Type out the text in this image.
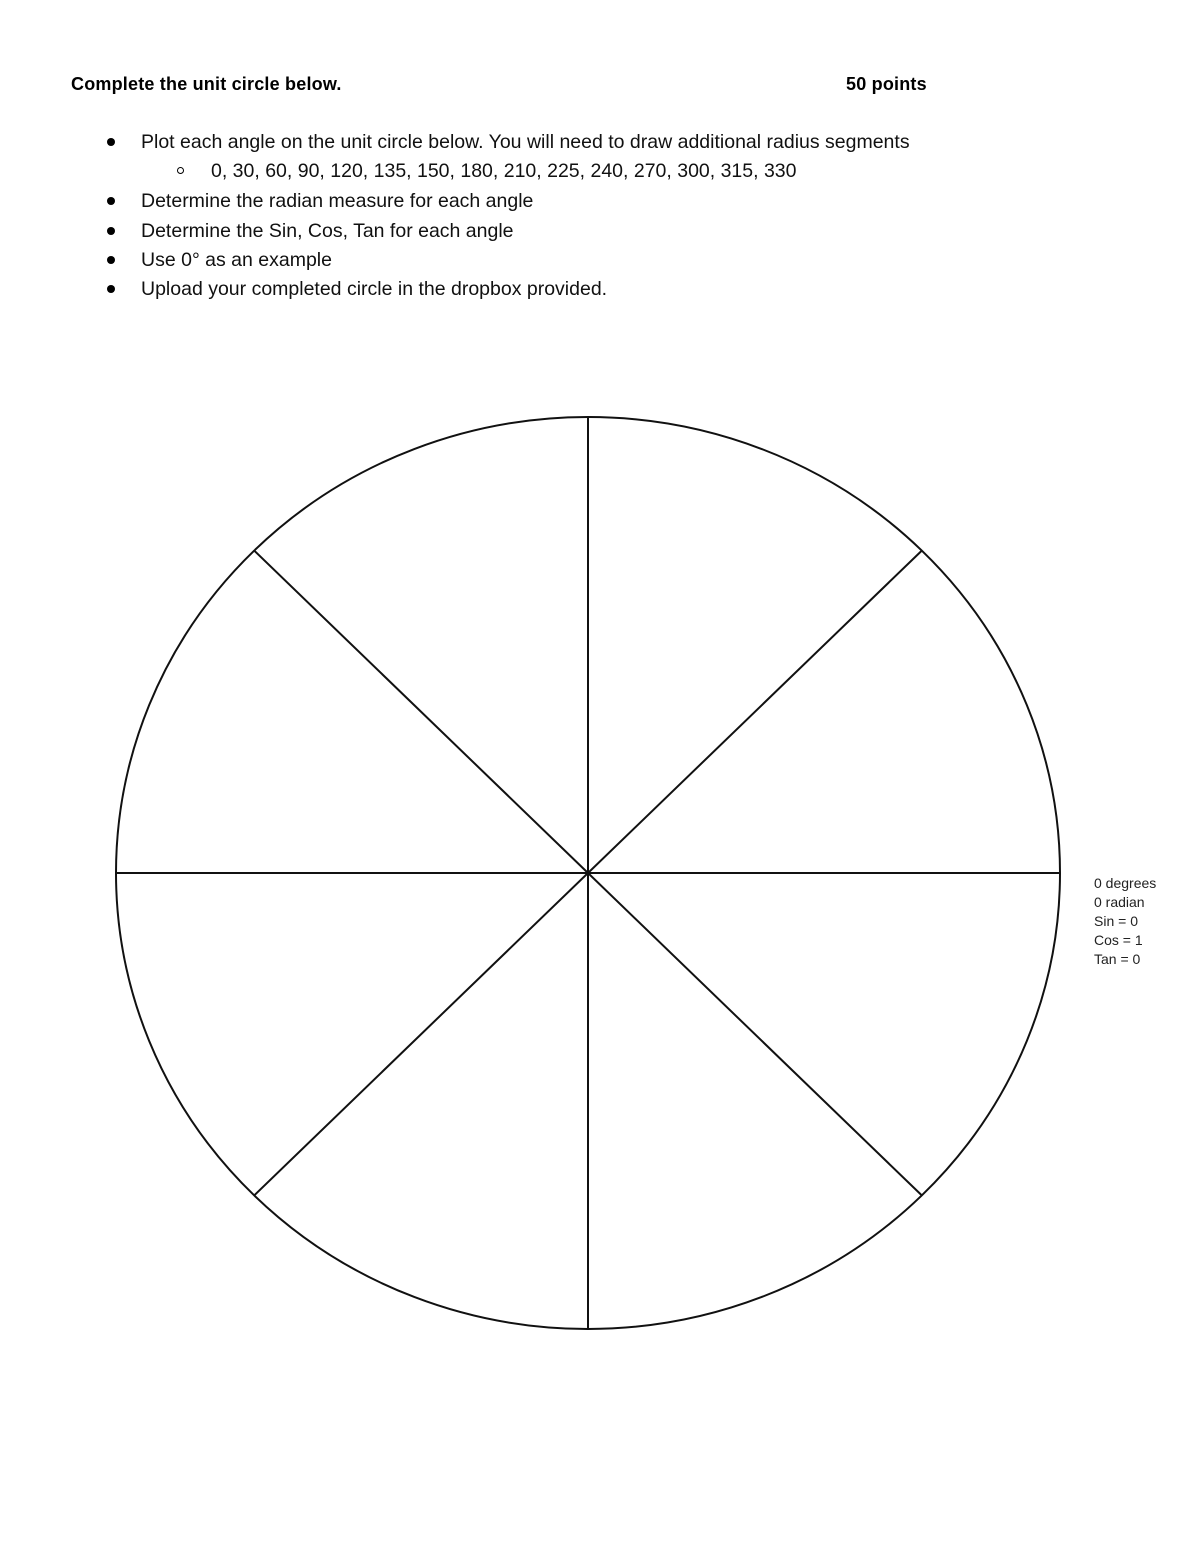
Complete the unit circle below.	50 points
Plot each angle on the unit circle below. You will need to draw additional radius segments
0, 30, 60, 90, 120, 135, 150, 180, 210, 225, 240, 270, 300, 315, 330
Determine the radian measure for each angle
Determine the Sin, Cos, Tan for each angle
Use 0° as an example
Upload your completed circle in the dropbox provided.
0 degrees
0 radian
Sin = 0
Cos = 1
Tan = 0
